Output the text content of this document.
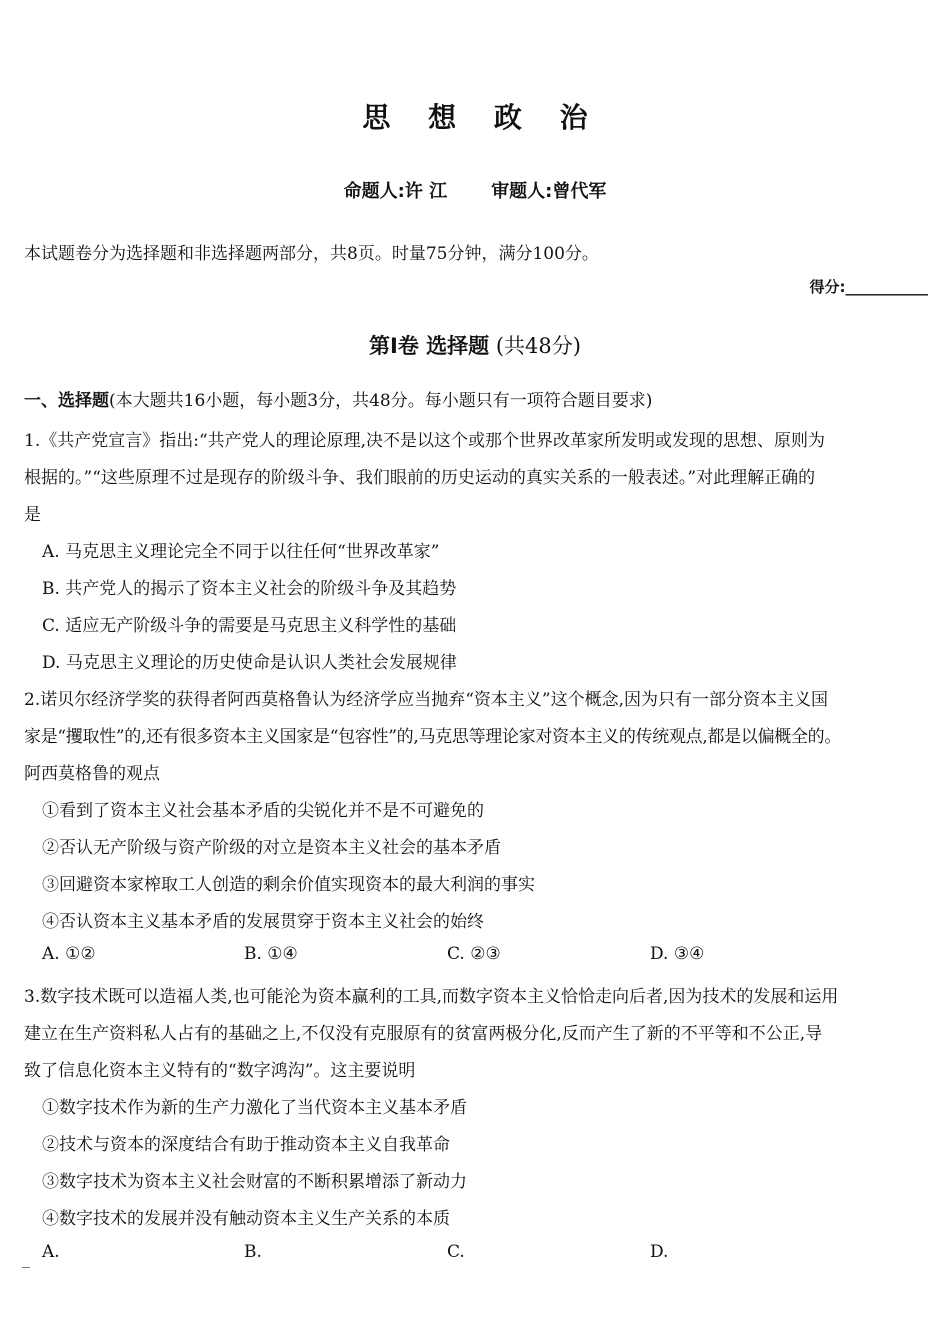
思 想 政 治
命题人:许 江 审题人:曾代军
本试题卷分为选择题和非选择题两部分，共8页。时量75分钟，满分100分。
得分:___________
第Ⅰ卷 选择题 (共48分)
一、选择题(本大题共16小题，每小题3分，共48分。每小题只有一项符合题目要求)
1.《共产党宣言》指出:“共产党人的理论原理,决不是以这个或那个世界改革家所发明或发现的思想、原则为
根据的。”“这些原理不过是现存的阶级斗争、我们眼前的历史运动的真实关系的一般表述。”对此理解正确的
是
A. 马克思主义理论完全不同于以往任何“世界改革家”
B. 共产党人的揭示了资本主义社会的阶级斗争及其趋势
C. 适应无产阶级斗争的需要是马克思主义科学性的基础
D. 马克思主义理论的历史使命是认识人类社会发展规律
2.诺贝尔经济学奖的获得者阿西莫格鲁认为经济学应当抛弃“资本主义”这个概念,因为只有一部分资本主义国
家是“攫取性”的,还有很多资本主义国家是“包容性”的,马克思等理论家对资本主义的传统观点,都是以偏概全的。
阿西莫格鲁的观点
①看到了资本主义社会基本矛盾的尖锐化并不是不可避免的
②否认无产阶级与资产阶级的对立是资本主义社会的基本矛盾
③回避资本家榨取工人创造的剩余价值实现资本的最大利润的事实
④否认资本主义基本矛盾的发展贯穿于资本主义社会的始终
A. ①②	B. ①④	C. ②③	D. ③④
3.数字技术既可以造福人类,也可能沦为资本赢利的工具,而数字资本主义恰恰走向后者,因为技术的发展和运用
建立在生产资料私人占有的基础之上,不仅没有克服原有的贫富两极分化,反而产生了新的不平等和不公正,导
致了信息化资本主义特有的“数字鸿沟”。这主要说明
①数字技术作为新的生产力激化了当代资本主义基本矛盾
②技术与资本的深度结合有助于推动资本主义自我革命
③数字技术为资本主义社会财富的不断积累增添了新动力
④数字技术的发展并没有触动资本主义生产关系的本质
A.	B.	C.	D.
